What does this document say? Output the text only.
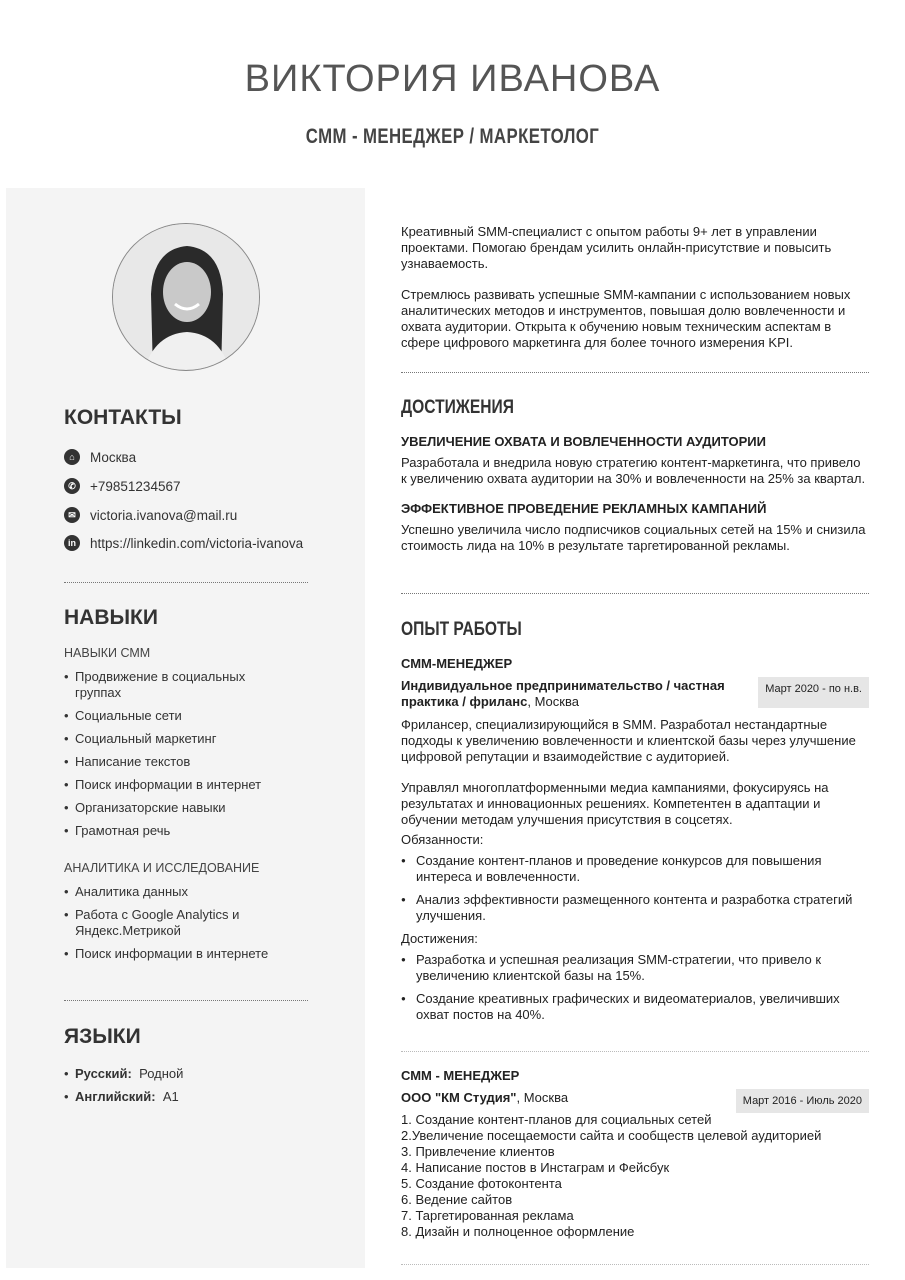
ВИКТОРИЯ ИВАНОВА
СММ - МЕНЕДЖЕР / МАРКЕТОЛОГ
КОНТАКТЫ
⌂	Москва
✆	+79851234567
✉	victoria.ivanova@mail.ru
in https://linkedin.com/victoria-ivanova
НАВЫКИ
НАВЫКИ СММ
• Продвижение в социальных группах
• Социальные сети
• Социальный маркетинг
• Написание текстов
• Поиск информации в интернет
• Организаторские навыки
• Грамотная речь
АНАЛИТИКА И ИССЛЕДОВАНИЕ
• Аналитика данных
• Работа с Google Analytics и Яндекс.Метрикой
• Поиск информации в интернете
ЯЗЫКИ
• Русский: Родной
• Английский: A1

Креативный SMM-специалист с опытом работы 9+ лет в управлении проектами. Помогаю брендам усилить онлайн-присутствие и повысить узнаваемость.

Стремлюсь развивать успешные SMM-кампании с использованием новых аналитических методов и инструментов, повышая долю вовлеченности и охвата аудитории. Открыта к обучению новым техническим аспектам в сфере цифрового маркетинга для более точного измерения KPI.

ДОСТИЖЕНИЯ
УВЕЛИЧЕНИЕ ОХВАТА И ВОВЛЕЧЕННОСТИ АУДИТОРИИ

Разработала и внедрила новую стратегию контент-маркетинга, что привело к увеличению охвата аудитории на 30% и вовлеченности на 25% за квартал.

ЭФФЕКТИВНОЕ ПРОВЕДЕНИЕ РЕКЛАМНЫХ КАМПАНИЙ

Успешно увеличила число подписчиков социальных сетей на 15% и снизила стоимость лида на 10% в результате таргетированной рекламы.

ОПЫТ РАБОТЫ
СММ-МЕНЕДЖЕР
Индивидуальное предпринимательство / частная практика / фриланс, Москва
Март 2020 - по н.в.

Фрилансер, специализирующийся в SMM. Разработал нестандартные подходы к увеличению вовлеченности и клиентской базы через улучшение цифровой репутации и взаимодействие с аудиторией.

Управлял многоплатформенными медиа кампаниями, фокусируясь на результатах и инновационных решениях. Компетентен в адаптации и обучении методам улучшения присутствия в соцсетях.

Обязанности:
● Создание контент-планов и проведение конкурсов для повышения интереса и вовлеченности.
● Анализ эффективности размещенного контента и разработка стратегий улучшения.
Достижения:
● Разработка и успешная реализация SMM-стратегии, что привело к увеличению клиентской базы на 15%.
● Создание креативных графических и видеоматериалов, увеличивших охват постов на 40%.
СММ - МЕНЕДЖЕР
ООО "КМ Студия", Москва	Март 2016 - Июль 2020
1. Создание контент-планов для социальных сетей
2.Увеличение посещаемости сайта и сообществ целевой аудиторией
3. Привлечение клиентов
4. Написание постов в Инстаграм и Фейсбук
5. Создание фотоконтента
6. Ведение сайтов
7. Таргетированная реклама
8. Дизайн и полноценное оформление
